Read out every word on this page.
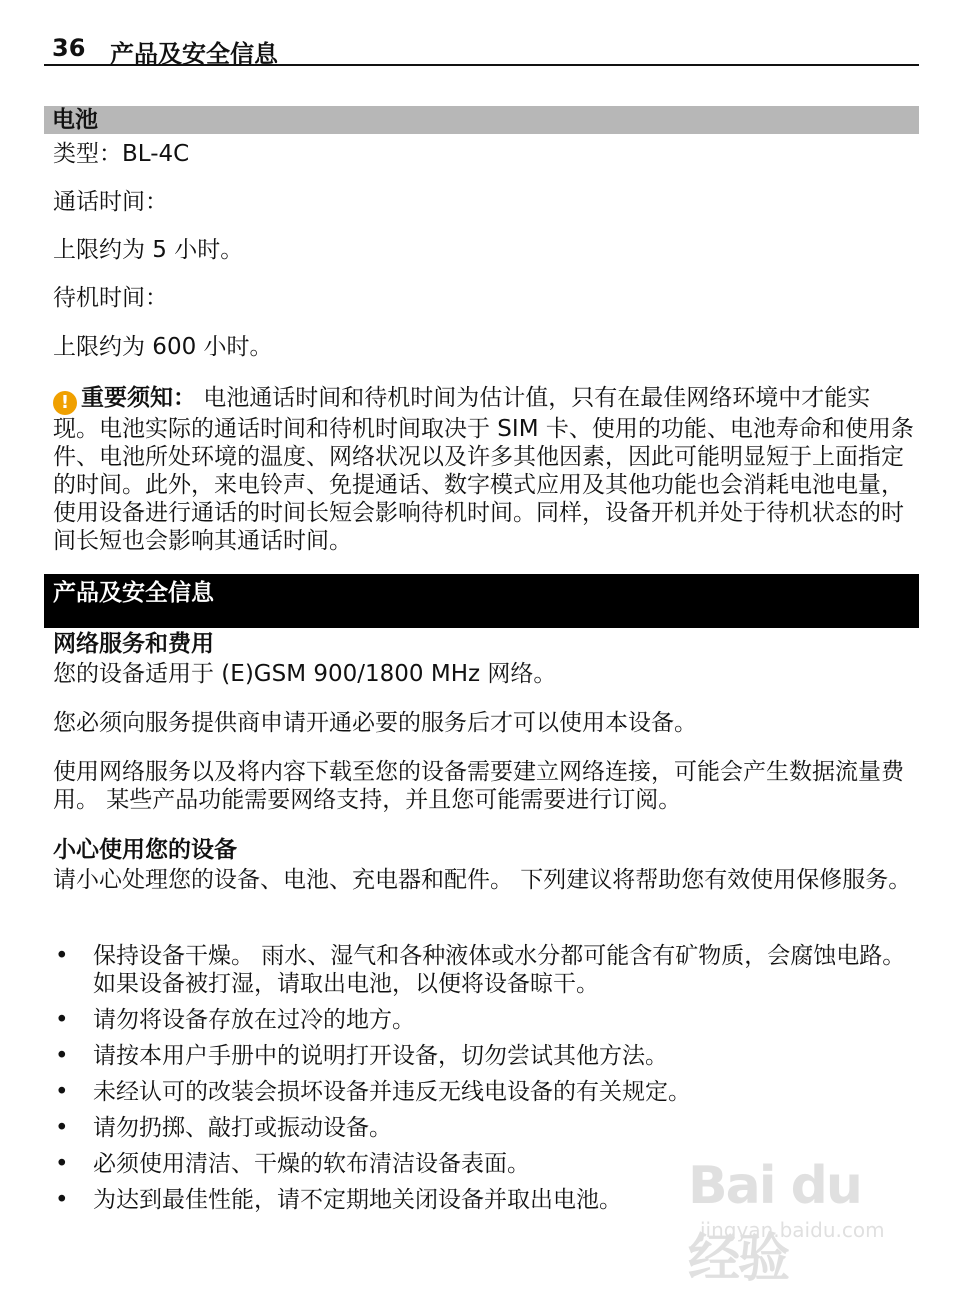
36 产品及安全信息
电池
类型：BL-4C
通话时间：
上限约为 5 小时。
待机时间：
上限约为 600 小时。
! 重要须知： 电池通话时间和待机时间为估计值，只有在最佳网络环境中才能实现。电池实际的通话时间和待机时间取决于 SIM 卡、使用的功能、电池寿命和使用条件、电池所处环境的温度、网络状况以及许多其他因素，因此可能明显短于上面指定的时间。此外，来电铃声、免提通话、数字模式应用及其他功能也会消耗电池电量，使用设备进行通话的时间长短会影响待机时间。同样，设备开机并处于待机状态的时间长短也会影响其通话时间。
产品及安全信息
网络服务和费用
您的设备适用于 (E)GSM 900/1800 MHz 网络。
您必须向服务提供商申请开通必要的服务后才可以使用本设备。
使用网络服务以及将内容下载至您的设备需要建立网络连接，可能会产生数据流量费用。 某些产品功能需要网络支持，并且您可能需要进行订阅。
小心使用您的设备
请小心处理您的设备、电池、充电器和配件。 下列建议将帮助您有效使用保修服务。
• 保持设备干燥。 雨水、湿气和各种液体或水分都可能含有矿物质，会腐蚀电路。 如果设备被打湿，请取出电池，以便将设备晾干。
• 请勿将设备存放在过冷的地方。
• 请按本用户手册中的说明打开设备，切勿尝试其他方法。
• 未经认可的改装会损坏设备并违反无线电设备的有关规定。
• 请勿扔掷、敲打或振动设备。
• 必须使用清洁、干燥的软布清洁设备表面。
• 为达到最佳性能，请不定期地关闭设备并取出电池。	Bai du 经验
jingyan.baidu.com
